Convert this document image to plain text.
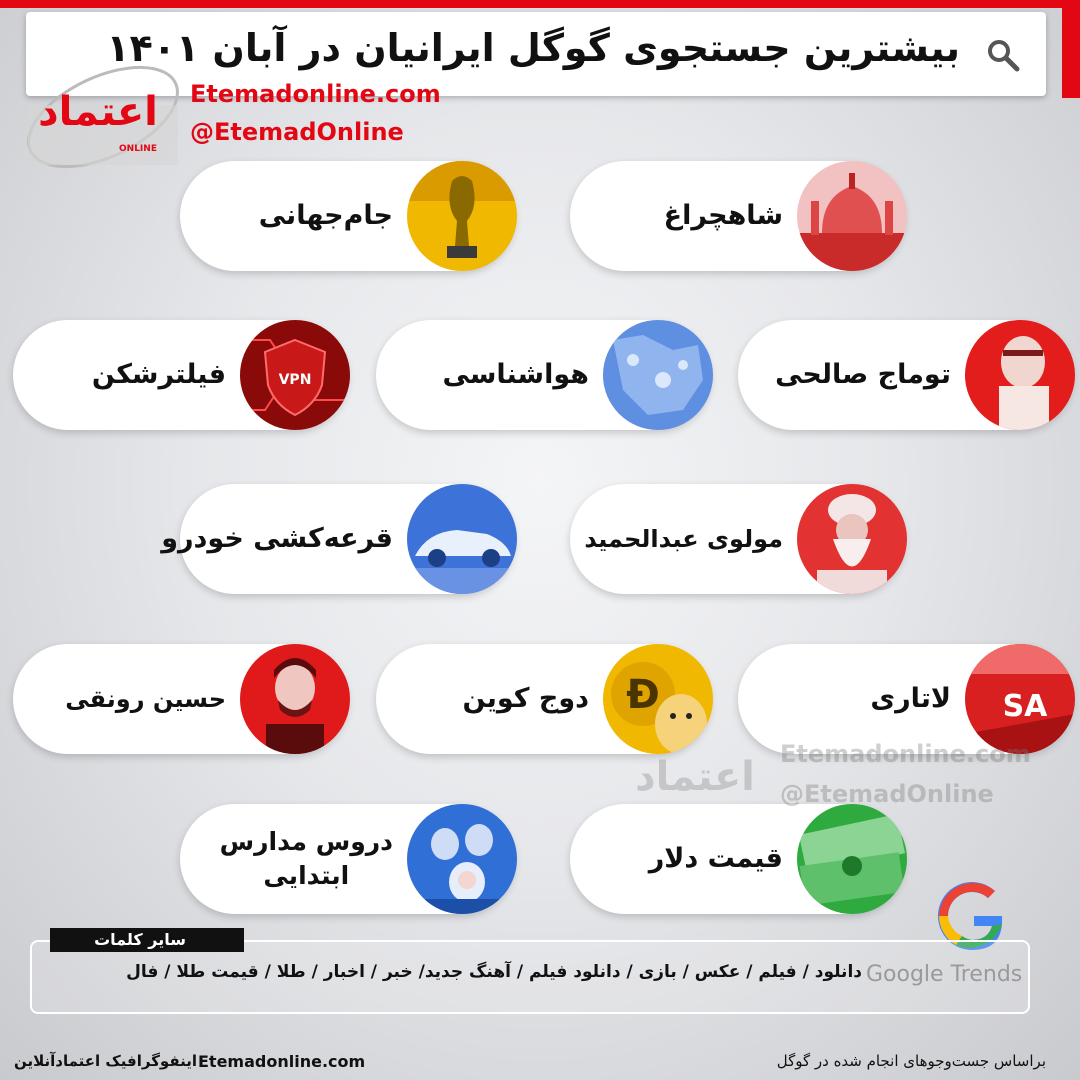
بیشترین جستجوی گوگل ایرانیان در آبان ۱۴۰۱
اعتماد
ONLINE
Etemadonline.com
@EtemadOnline
شاهچراغ
جام‌جهانی
توماج صالحی
هواشناسی
VPN
فیلترشکن
مولوی عبدالحمید
قرعه‌کشی خودرو
SA
لاتاری
Ð
دوج کوین
حسین رونقی
قیمت دلار
دروس مدارس
ابتدایی
اعتماد Etemadonline.com
@EtemadOnline
سایر کلمات
دانلود / فیلم / عکس / بازی / دانلود فیلم / آهنگ جدید/ خبر / اخبار / طلا / قیمت طلا / فال Google Trends
براساس جست‌وجوهای انجام شده در گوگل
Etemadonline.com
اینفوگرافیک اعتمادآنلاین
